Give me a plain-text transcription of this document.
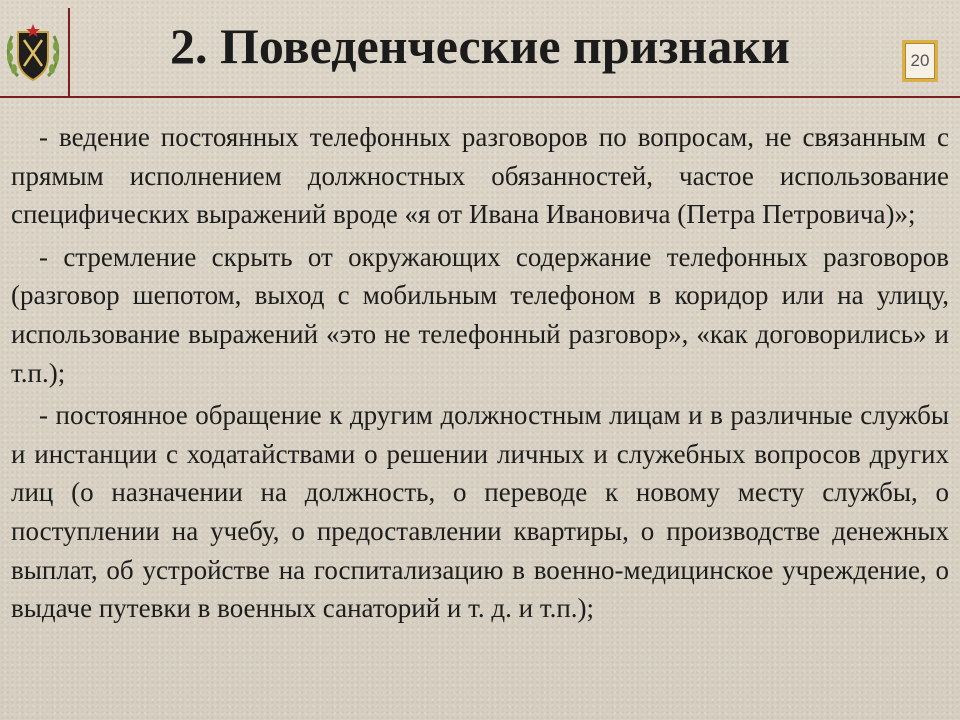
2. Поведенческие признаки	20

- ведение постоянных телефонных разговоров по вопросам, не связанным с прямым исполнением должностных обязанностей, частое использование специфических выражений вроде «я от Ивана Ивановича (Петра Петровича)»;

- стремление скрыть от окружающих содержание телефонных разговоров (разговор шепотом, выход с мобильным телефоном в коридор или на улицу, использование выражений «это не телефонный разговор», «как договорились» и т.п.);

- постоянное обращение к другим должностным лицам и в различные службы и инстанции с ходатайствами о решении личных и служебных вопросов других лиц (о назначении на должность, о переводе к новому месту службы, о поступлении на учебу, о предоставлении квартиры, о производстве денежных выплат, об устройстве на госпитализацию в военно-медицинское учреждение, о выдаче путевки в военных санаторий и т. д. и т.п.);
